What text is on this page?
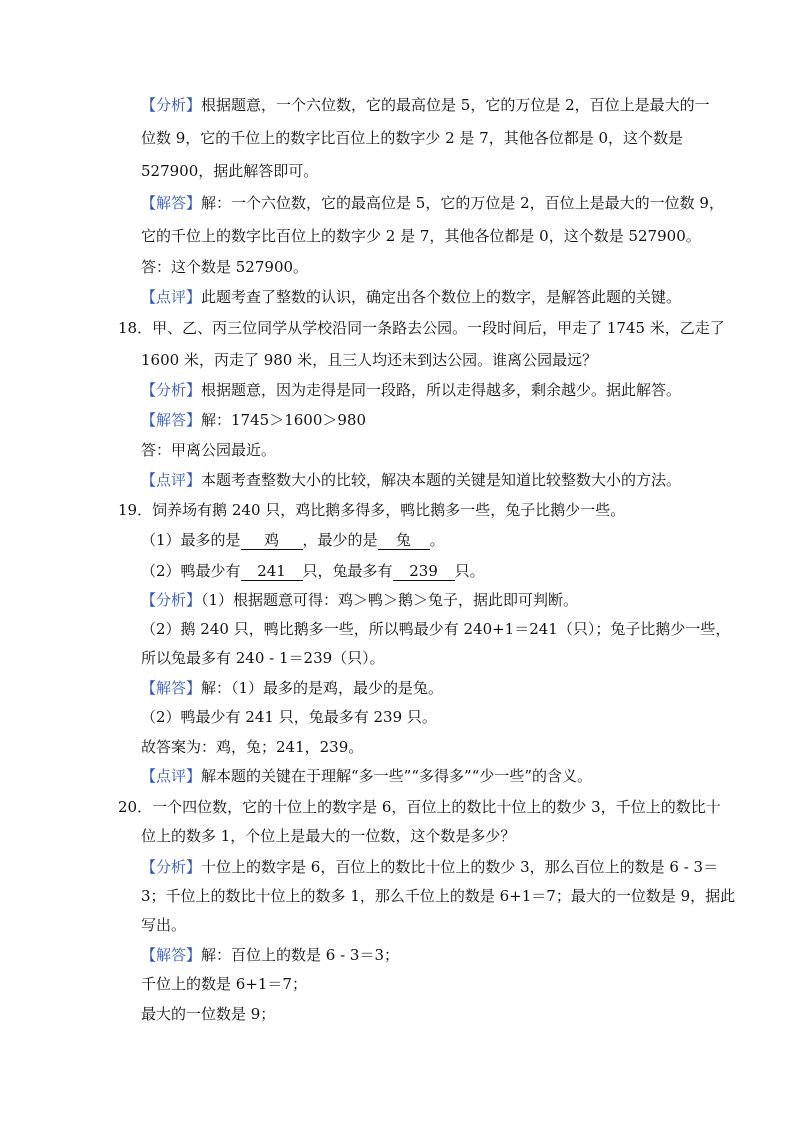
【分析】根据题意，一个六位数，它的最高位是 5，它的万位是 2，百位上是最大的一
位数 9，它的千位上的数字比百位上的数字少 2 是 7，其他各位都是 0，这个数是
527900，据此解答即可。
【解答】解：一个六位数，它的最高位是 5，它的万位是 2，百位上是最大的一位数 9，
它的千位上的数字比百位上的数字少 2 是 7，其他各位都是 0，这个数是 527900。
答：这个数是 527900。
【点评】此题考查了整数的认识，确定出各个数位上的数字，是解答此题的关键。
18．甲、乙、丙三位同学从学校沿同一条路去公园。一段时间后，甲走了 1745 米，乙走了
1600 米，丙走了 980 米，且三人均还未到达公园。谁离公园最远？
【分析】根据题意，因为走得是同一段路，所以走得越多，剩余越少。据此解答。
【解答】解：1745＞1600＞980
答：甲离公园最近。
【点评】本题考查整数大小的比较，解决本题的关键是知道比较整数大小的方法。
19．饲养场有鹅 240 只，鸡比鹅多得多，鸭比鹅多一些，兔子比鹅少一些。
（1）最多的是 鸡 ，最少的是 兔 。
（2）鸭最少有 241 只，兔最多有 239 只。
【分析】（1）根据题意可得：鸡＞鸭＞鹅＞兔子，据此即可判断。
（2）鹅 240 只，鸭比鹅多一些，所以鸭最少有 240+1＝241（只）；兔子比鹅少一些，
所以兔最多有 240 - 1＝239（只）。
【解答】解：（1）最多的是鸡，最少的是兔。
（2）鸭最少有 241 只，兔最多有 239 只。
故答案为：鸡，兔；241，239。
【点评】解本题的关键在于理解“多一些”“多得多”“少一些”的含义。
20．一个四位数，它的十位上的数字是 6，百位上的数比十位上的数少 3，千位上的数比十
位上的数多 1，个位上是最大的一位数，这个数是多少？
【分析】十位上的数字是 6，百位上的数比十位上的数少 3，那么百位上的数是 6 - 3＝
3；千位上的数比十位上的数多 1，那么千位上的数是 6+1＝7；最大的一位数是 9，据此
写出。
【解答】解：百位上的数是 6 - 3＝3；
千位上的数是 6+1＝7；
最大的一位数是 9；
